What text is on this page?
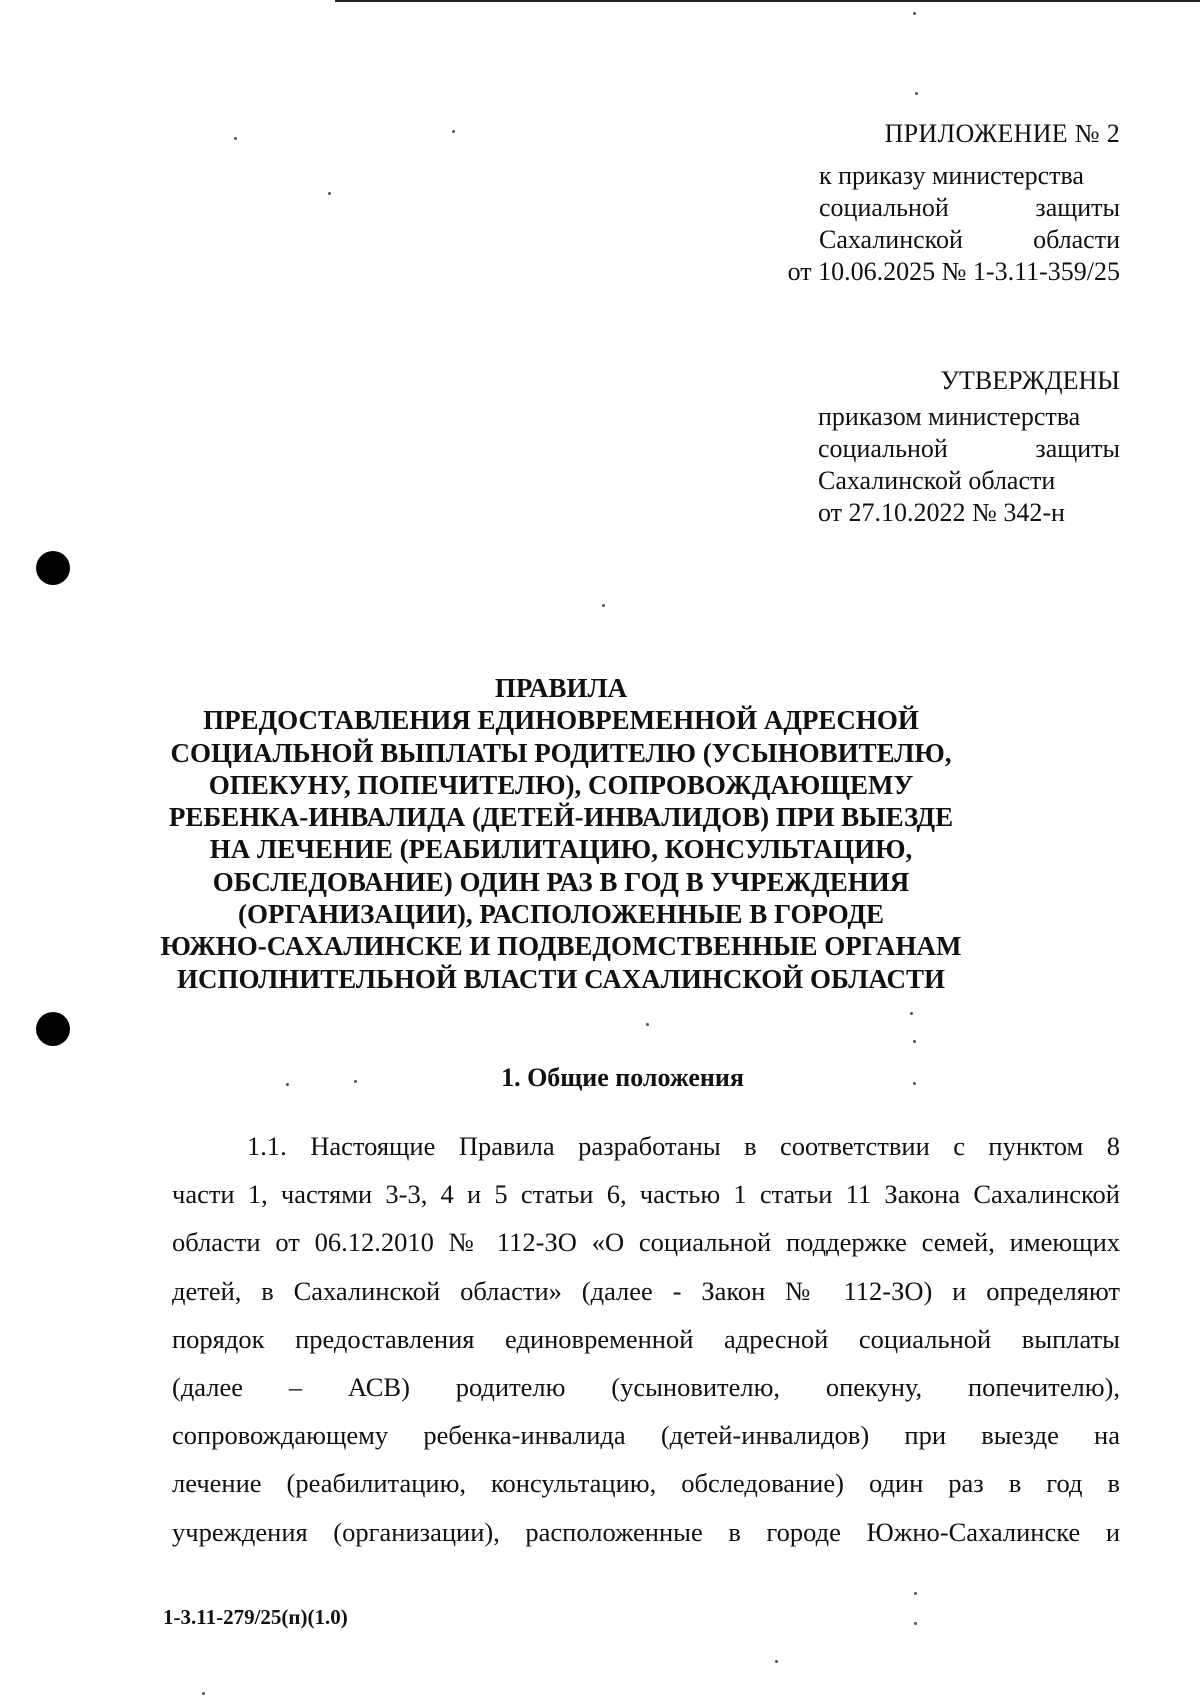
ПРИЛОЖЕНИЕ № 2
к приказу министерства
социальной защиты
Сахалинской области
от 10.06.2025 № 1-3.11-359/25
УТВЕРЖДЕНЫ
приказом министерства
социальной защиты
Сахалинской области
от 27.10.2022 № 342-н
ПРАВИЛА
ПРЕДОСТАВЛЕНИЯ ЕДИНОВРЕМЕННОЙ АДРЕСНОЙ
СОЦИАЛЬНОЙ ВЫПЛАТЫ РОДИТЕЛЮ (УСЫНОВИТЕЛЮ,
ОПЕКУНУ, ПОПЕЧИТЕЛЮ), СОПРОВОЖДАЮЩЕМУ
РЕБЕНКА-ИНВАЛИДА (ДЕТЕЙ-ИНВАЛИДОВ) ПРИ ВЫЕЗДЕ
НА ЛЕЧЕНИЕ (РЕАБИЛИТАЦИЮ, КОНСУЛЬТАЦИЮ,
ОБСЛЕДОВАНИЕ) ОДИН РАЗ В ГОД В УЧРЕЖДЕНИЯ
(ОРГАНИЗАЦИИ), РАСПОЛОЖЕННЫЕ В ГОРОДЕ
ЮЖНО-САХАЛИНСКЕ И ПОДВЕДОМСТВЕННЫЕ ОРГАНАМ
ИСПОЛНИТЕЛЬНОЙ ВЛАСТИ САХАЛИНСКОЙ ОБЛАСТИ
1. Общие положения
1.1. Настоящие Правила разработаны в соответствии с пунктом 8
части 1, частями 3-3, 4 и 5 статьи 6, частью 1 статьи 11 Закона Сахалинской
области от 06.12.2010 № 112-ЗО «О социальной поддержке семей, имеющих
детей, в Сахалинской области» (далее - Закон № 112-ЗО) и определяют
порядок предоставления единовременной адресной социальной выплаты
(далее – АСВ) родителю (усыновителю, опекуну, попечителю),
сопровождающему ребенка-инвалида (детей-инвалидов) при выезде на
лечение (реабилитацию, консультацию, обследование) один раз в год в
учреждения (организации), расположенные в городе Южно-Сахалинске и
1-3.11-279/25(п)(1.0)
